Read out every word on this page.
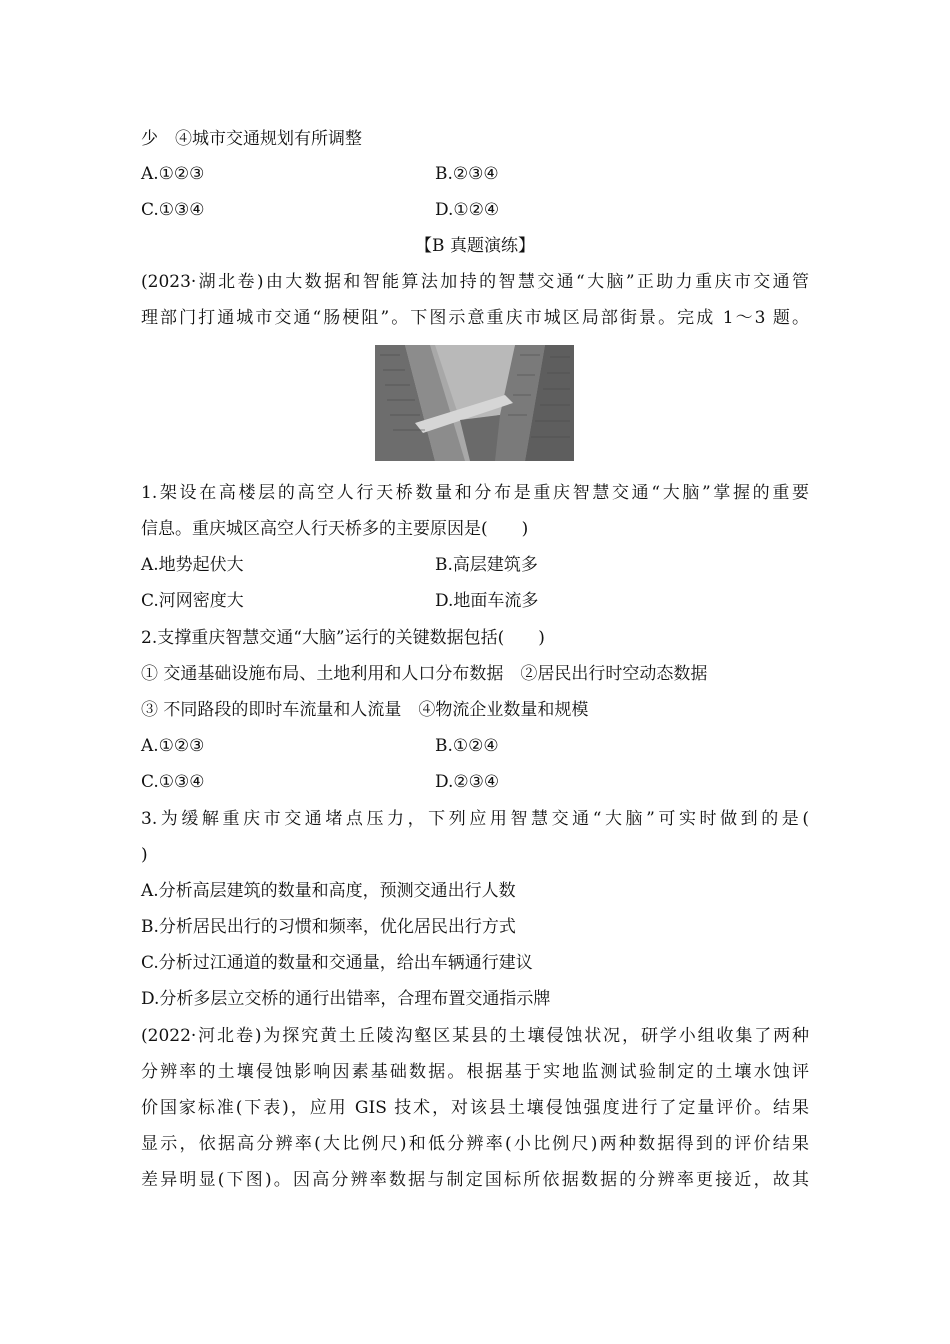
少　④城市交通规划有所调整
A.①②③	B.②③④
C.①③④	D.①②④
【B 真题演练】
(2023·湖北卷)由大数据和智能算法加持的智慧交通“大脑”正助力重庆市交通管
理部门打通城市交通“肠梗阻”。下图示意重庆市城区局部街景。完成 1～3 题。
1.架设在高楼层的高空人行天桥数量和分布是重庆智慧交通“大脑”掌握的重要
信息。重庆城区高空人行天桥多的主要原因是(　　)
A.地势起伏大	B.高层建筑多
C.河网密度大	D.地面车流多
2.支撑重庆智慧交通“大脑”运行的关键数据包括(　　)
① 交通基础设施布局、土地利用和人口分布数据　②居民出行时空动态数据
③ 不同路段的即时车流量和人流量　④物流企业数量和规模
A.①②③	B.①②④
C.①③④	D.②③④
3.为缓解重庆市交通堵点压力，下列应用智慧交通“大脑”可实时做到的是(
)
A.分析高层建筑的数量和高度，预测交通出行人数
B.分析居民出行的习惯和频率，优化居民出行方式
C.分析过江通道的数量和交通量，给出车辆通行建议
D.分析多层立交桥的通行出错率，合理布置交通指示牌
(2022·河北卷)为探究黄土丘陵沟壑区某县的土壤侵蚀状况，研学小组收集了两种
分辨率的土壤侵蚀影响因素基础数据。根据基于实地监测试验制定的土壤水蚀评
价国家标准(下表)，应用 GIS 技术，对该县土壤侵蚀强度进行了定量评价。结果
显示，依据高分辨率(大比例尺)和低分辨率(小比例尺)两种数据得到的评价结果
差异明显(下图)。因高分辨率数据与制定国标所依据数据的分辨率更接近，故其
